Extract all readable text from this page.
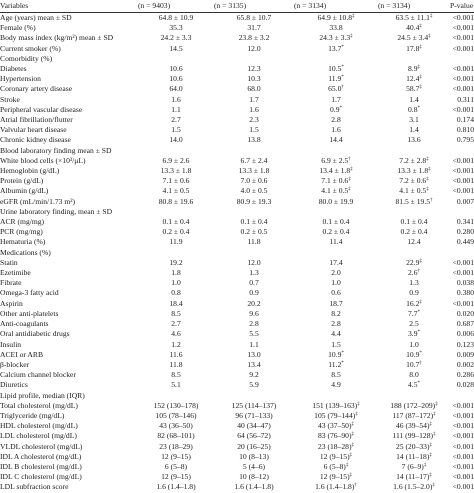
Variables	(n = 9403)	(n = 3135)	(n = 3134)	(n = 3134)	P-value
Age (years) mean ± SD	64.8 ± 10.9	65.8 ± 10.7	64.9 ± 10.8‡	63.5 ± 11.1‡	<0.001
Female (%)	35.3	31.7	33.8	40.4‡	<0.001
Body mass index (kg/m²) mean ± SD	24.2 ± 3.3	23.8 ± 3.2	24.3 ± 3.3‡	24.5 ± 3.4‡	<0.001
Current smoker (%)	14.5	12.0	13.7*	17.8‡	<0.001
Comorbidity (%)					
Diabetes	10.6	12.3	10.5*	8.9‡	<0.001
Hypertension	10.6	10.3	11.9*	12.4‡	<0.001
Coronary artery disease	64.0	68.0	65.0†	58.7‡	<0.001
Stroke	1.6	1.7	1.7	1.4	0.311
Peripheral vascular disease	1.1	1.6	0.9*	0.8*	<0.001
Atrial fibrillation/flutter	2.7	2.3	2.8	3.1	0.174
Valvular heart disease	1.5	1.5	1.6	1.4	0.810
Chronic kidney disease	14.0	13.8	14.4	13.6	0.795
Blood laboratory finding mean ± SD					
White blood cells (×10³/μL)	6.9 ± 2.6	6.7 ± 2.4	6.9 ± 2.5†	7.2 ± 2.8‡	<0.001
Hemoglobin (g/dL)	13.3 ± 1.8	13.3 ± 1.8	13.4 ± 1.8‡	13.3 ± 1.8‡	<0.001
Protein (g/dL)	7.1 ± 0.6	7.0 ± 0.6	7.1 ± 0.6‡	7.2 ± 0.6‡	<0.001
Albumin (g/dL)	4.1 ± 0.5	4.0 ± 0.5	4.1 ± 0.5‡	4.1 ± 0.5‡	<0.001
eGFR (mL/min/1.73 m²)	80.8 ± 19.6	80.9 ± 19.3	80.0 ± 19.9	81.5 ± 19.5†	0.007
Urine laboratory finding, mean ± SD					
ACR (mg/mg)	0.1 ± 0.4	0.1 ± 0.4	0.1 ± 0.4	0.1 ± 0.4	0.341
PCR (mg/mg)	0.2 ± 0.4	0.2 ± 0.5	0.2 ± 0.4	0.2 ± 0.4	0.280
Hematuria (%)	11.9	11.8	11.4	12.4	0.449
Medications (%)					
Statin	19.2	12.0	17.4	22.9‡	<0.001
Ezetimibe	1.8	1.3	2.0	2.6†	<0.001
Fibrate	1.0	0.7	1.0	1.3	0.038
Omega-3 fatty acid	0.8	0.9	0.6	0.9	0.380
Aspirin	18.4	20.2	18.7	16.2‡	<0.001
Other anti-platelets	8.5	9.6	8.2	7.7*	0.020
Anti-coagulants	2.7	2.8	2.8	2.5	0.687
Oral antidiabetic drugs	4.6	5.5	4.4	3.9*	0.006
Insulin	1.2	1.1	1.5	1.0	0.123
ACEI or ARB	11.6	13.0	10.9*	10.9*	0.009
β-blocker	11.8	13.4	11.2*	10.7†	0.002
Calcium channel blocker	8.5	9.2	8.5	8.0	0.286
Diuretics	5.1	5.9	4.9	4.5*	0.028
Lipid profile, median (IQR)					
Total cholesterol (mg/dL)	152 (130–178)	125 (114–137)	151 (139–163)‡	188 (172–209)‡	<0.001
Triglyceride (mg/dL)	105 (78–146)	96 (71–133)	105 (79–144)‡	117 (87–172)‡	<0.001
HDL cholesterol (mg/dL)	43 (36–50)	40 (34–47)	43 (37–50)‡	46 (39–54)‡	<0.001
LDL cholesterol (mg/dL)	82 (68–101)	64 (56–72)	83 (76–90)‡	111 (99–128)‡	<0.001
VLDL cholesterol (mg/dL)	23 (18–29)	20 (16–25)	23 (18–28)‡	25 (20–33)‡	<0.001
IDL A cholesterol (mg/dL)	12 (9–15)	10 (8–13)	12 (9–15)‡	14 (11–18)‡	<0.001
IDL B cholesterol (mg/dL)	6 (5–8)	5 (4–6)	6 (5–8)‡	7 (6–9)‡	<0.001
IDL C cholesterol (mg/dL)	12 (9–15)	10 (8–12)	12 (9–15)‡	14 (11–17)‡	<0.001
LDL subfraction score	1.6 (1.4–1.8)	1.6 (1.4–1.8)	1.6 (1.4–1.8)†	1.6 (1.5–2.0)‡	<0.001
